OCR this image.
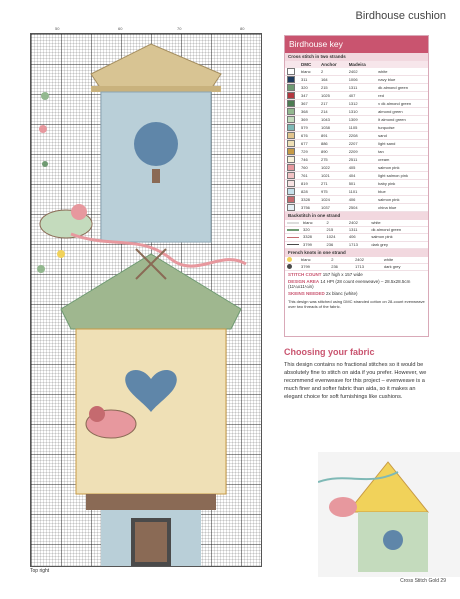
Birdhouse cushion
50	60	70	80
Top right
Birdhouse key
Cross stitch in two strands
	DMC	Anchor	Madeira	
	blanc	2	2402	white
	311	164	1006	navy blue
	320	215	1311	dk almond green
	347	1025	407	red
	367	217	1312	v dk almond green
	368	214	1310	almond green
	369	1043	1309	lt almond green
	579	1038	1105	turquoise
	676	891	2208	sand
	677	886	2207	light sand
	729	890	2209	tan
	746	275	2511	cream
	760	1022	405	salmon pink
	761	1021	404	light salmon pink
	819	271	501	baby pink
	828	975	1101	blue
	3328	1024	406	salmon pink
	3756	1037	2504	china blue
Backstitch in one strand
	blanc	2	2402	white
	320	215	1311	dk almond green
	3328	1024	406	salmon pink
	3799	236	1713	dark grey
French knots in one strand
	blanc	2	2402	white
	3799	236	1713	dark grey
STITCH COUNT 157 high x 157 wide
DESIGN AREA 14 HPI (28 count evenweave) – 28.5x28.5cm (11¼x11¼in)
SKEINS NEEDED 2x blanc (white)
This design was stitched using DMC stranded cotton on 28-count evenweave over two threads of the fabric.
Choosing your fabric
This design contains no fractional stitches so it would be absolutely fine to stitch on aida if you prefer. However, we recommend evenweave for this project – evenweave is a much finer and softer fabric than aida, so it makes an elegant choice for soft furnishings like cushions.
Cross Stitch Gold 29
